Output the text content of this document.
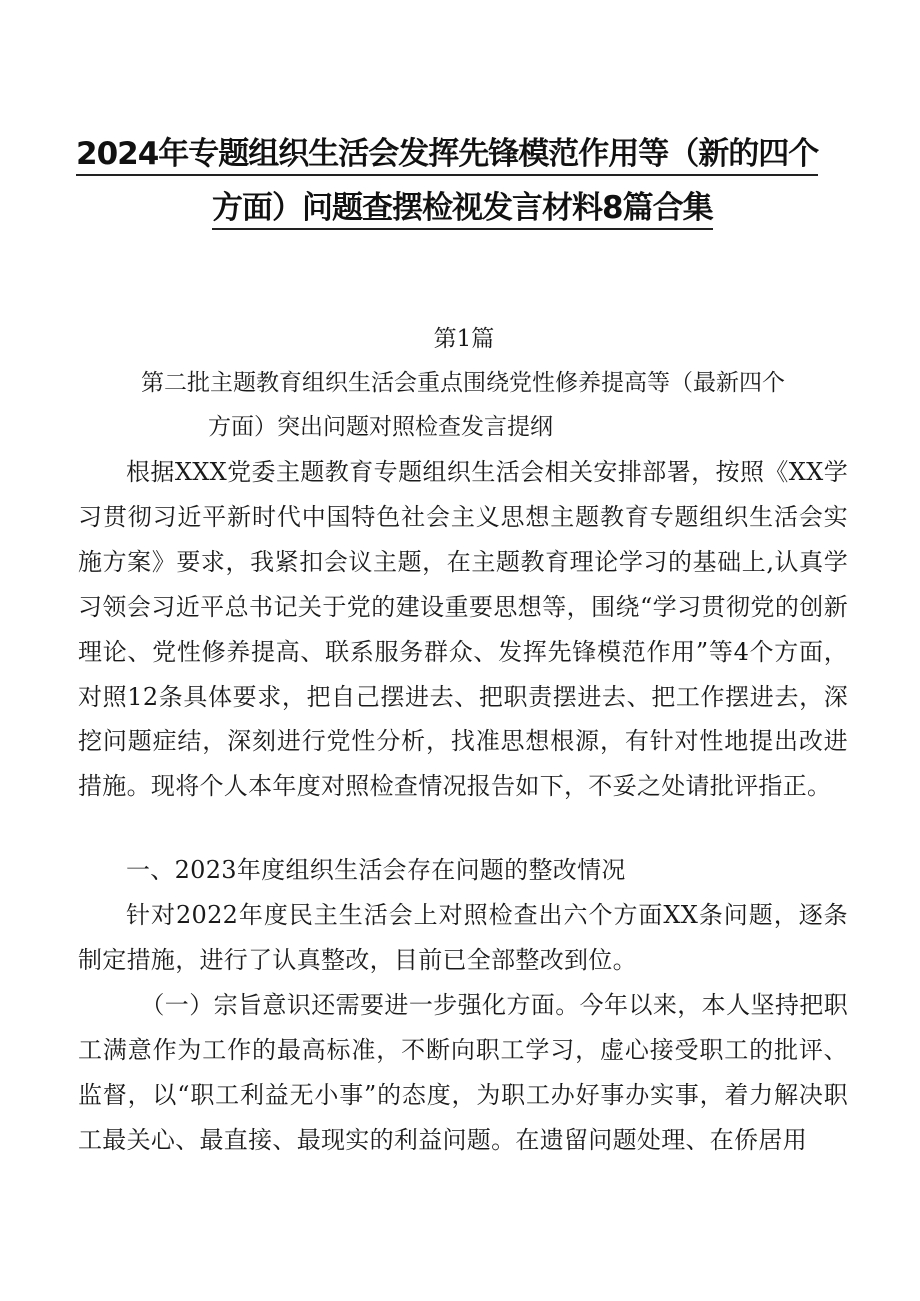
2024年专题组织生活会发挥先锋模范作用等（新的四个
方面）问题查摆检视发言材料8篇合集
第1篇
第二批主题教育组织生活会重点围绕党性修养提高等（最新四个
方面）突出问题对照检查发言提纲

根据XXX党委主题教育专题组织生活会相关安排部署，按照《XX学习贯彻习近平新时代中国特色社会主义思想主题教育专题组织生活会实施方案》要求，我紧扣会议主题，在主题教育理论学习的基础上,认真学习领会习近平总书记关于党的建设重要思想等，围绕“学习贯彻党的创新理论、党性修养提高、联系服务群众、发挥先锋模范作用”等4个方面，对照12条具体要求，把自己摆进去、把职责摆进去、把工作摆进去，深挖问题症结，深刻进行党性分析，找准思想根源，有针对性地提出改进措施。现将个人本年度对照检查情况报告如下，不妥之处请批评指正。

一、2023年度组织生活会存在问题的整改情况

针对2022年度民主生活会上对照检查出六个方面XX条问题，逐条制定措施，进行了认真整改，目前已全部整改到位。

（一）宗旨意识还需要进一步强化方面。今年以来，本人坚持把职工满意作为工作的最高标准，不断向职工学习，虚心接受职工的批评、监督，以“职工利益无小事”的态度，为职工办好事办实事，着力解决职工最关心、最直接、最现实的利益问题。在遗留问题处理、在侨居用
